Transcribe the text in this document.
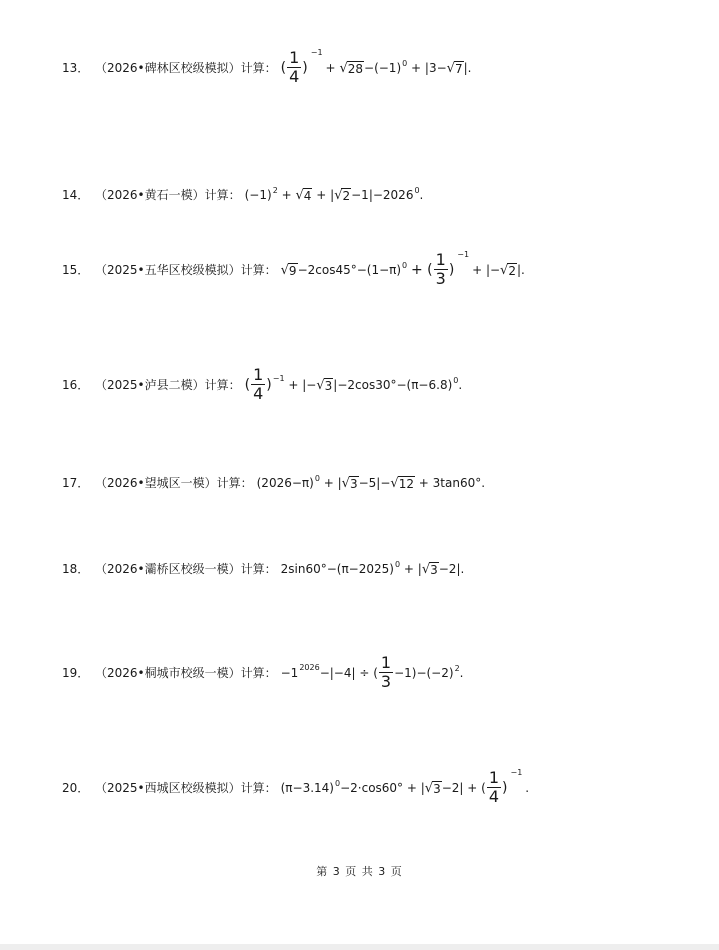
13． （2026•碑林区校级模拟）计算： ( $\frac{1}{4}$ )
−1
+
√ $28 -(-1)^0$
+ |3− √ 7 |.
14． （2026•黄石一模）计算： $(-1)^2$
+
√ 4
+ | √ $2 -1|-2026^0$ .
15． （2025•五华区校级模拟）计算： √ $9 -2\cos 45^\circ-(1-\pi)^0$
+ ( $\frac{1}{3}$ )
−1
+ |− √ 2 |.
16． （2025•泸县二模）计算： ( $\frac{1}{4} )^{-1}$
+ |− √ 3 $|-2\cos 30^\circ-(\pi-6.8)^0$ .
17． （2026•望城区一模）计算： $(2026-\pi)^0$
+ | √ 3 −5|− √ 12
+ 3tan60°.
18． （2026•灞桥区校级一模）计算： $2\sin 60^\circ-(\pi-2025)^0$
+ | √ 3 −2|.
19． （2026•桐城市校级一模）计算： $-1^{2026} -|-4|$ ÷ ( $\frac{1}{3} -1)-(-2)^2$ .
20． （2025•西城区校级模拟）计算： $(\pi-3.14)^0 -2\cdot\cos 60^\circ$ + | √ 3 −2| + ( $\frac{1}{4}$ )
−1
.
第 3 页 共 3 页
